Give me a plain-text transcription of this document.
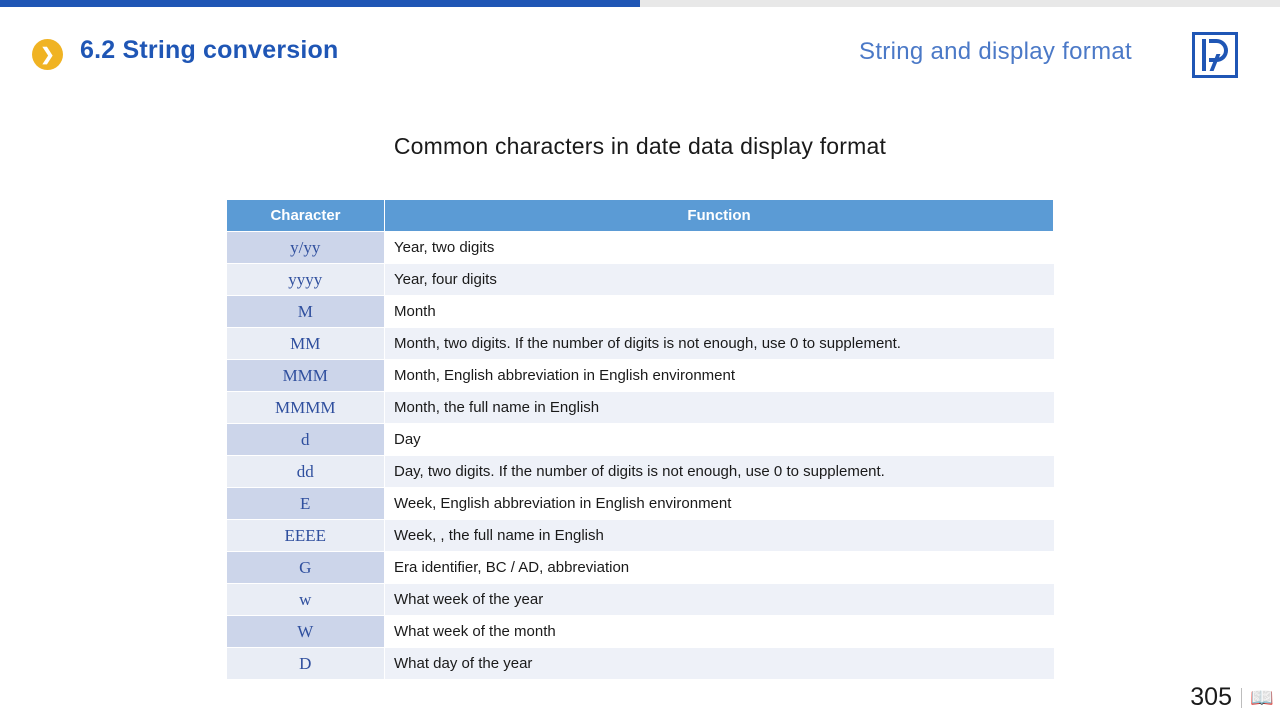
❯	6.2 String conversion	String and display format
Common characters in date data display format
Character	Function
y/yy	Year, two digits
yyyy	Year, four digits
M	Month
MM	Month, two digits. If the number of digits is not enough, use 0 to supplement.
MMM	Month, English abbreviation in English environment
MMMM	Month, the full name in English
d	Day
dd	Day, two digits. If the number of digits is not enough, use 0 to supplement.
E	Week, English abbreviation in English environment
EEEE	Week, , the full name in English
G	Era identifier, BC / AD, abbreviation
w	What week of the year
W	What week of the month
D	What day of the year
305 📖
